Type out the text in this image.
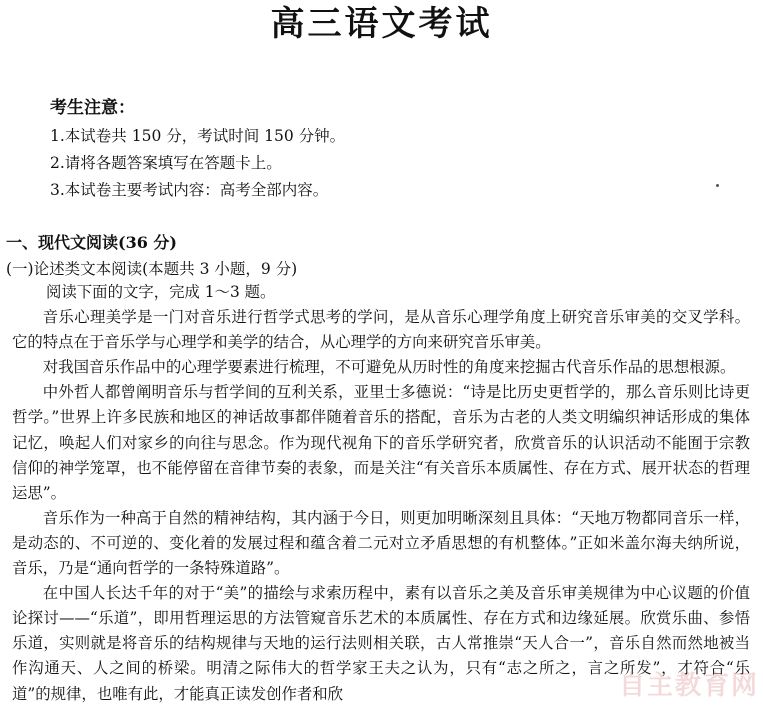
高三语文考试
考生注意：
1.本试卷共 150 分，考试时间 150 分钟。
2.请将各题答案填写在答题卡上。
3.本试卷主要考试内容：高考全部内容。
一、现代文阅读(36 分)
(一)论述类文本阅读(本题共 3 小题，9 分)

阅读下面的文字，完成 1～3 题。

音乐心理美学是一门对音乐进行哲学式思考的学问，是从音乐心理学角度上研究音乐审美的交叉学科。它的特点在于音乐学与心理学和美学的结合，从心理学的方向来研究音乐审美。

对我国音乐作品中的心理学要素进行梳理，不可避免从历时性的角度来挖掘古代音乐作品的思想根源。

中外哲人都曾阐明音乐与哲学间的互利关系，亚里士多德说：“诗是比历史更哲学的，那么音乐则比诗更哲学。”世界上许多民族和地区的神话故事都伴随着音乐的搭配，音乐为古老的人类文明编织神话形成的集体记忆，唤起人们对家乡的向往与思念。作为现代视角下的音乐学研究者，欣赏音乐的认识活动不能囿于宗教信仰的神学笼罩，也不能停留在音律节奏的表象，而是关注“有关音乐本质属性、存在方式、展开状态的哲理运思”。

音乐作为一种高于自然的精神结构，其内涵于今日，则更加明晰深刻且具体：“天地万物都同音乐一样，是动态的、不可逆的、变化着的发展过程和蕴含着二元对立矛盾思想的有机整体。”正如米盖尔海夫纳所说，音乐，乃是“通向哲学的一条特殊道路”。

在中国人长达千年的对于“美”的描绘与求索历程中，素有以音乐之美及音乐审美规律为中心议题的价值论探讨——“乐道”，即用哲理运思的方法管窥音乐艺术的本质属性、存在方式和边缘延展。欣赏乐曲、参悟乐道，实则就是将音乐的结构规律与天地的运行法则相关联，古人常推崇“天人合一”，音乐自然而然地被当作沟通天、人之间的桥梁。明清之际伟大的哲学家王夫之认为，只有“志之所之，言之所发”，才符合“乐道”的规律，也唯有此，才能真正读发创作者和欣	自主教育网
